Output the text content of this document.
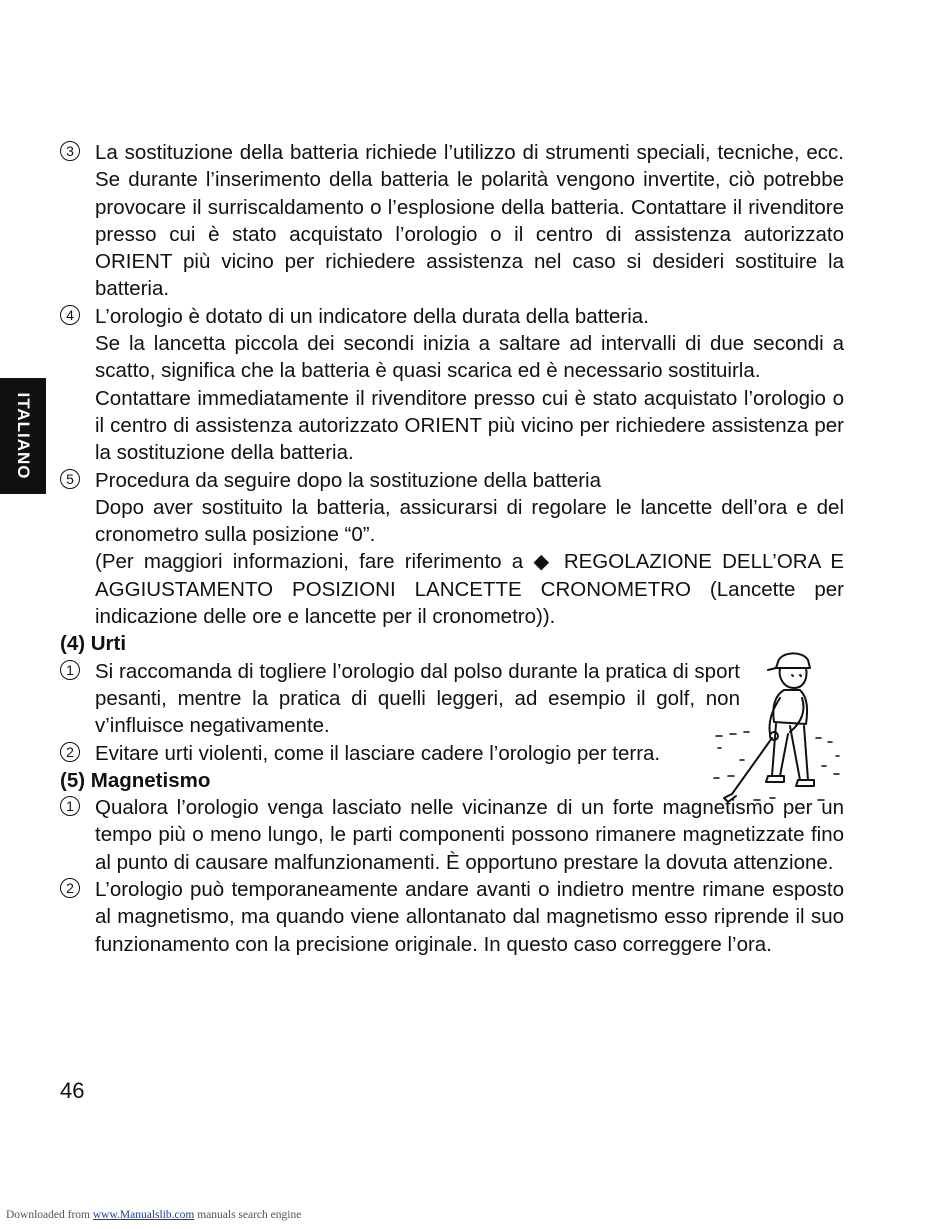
ITALIANO
3 La sostituzione della batteria richiede l’utilizzo di strumenti speciali, tecniche, ecc. Se durante l’inserimento della batteria le polarità vengono invertite, ciò potrebbe provocare il surriscaldamento o l’esplosione della batteria. Contattare il rivenditore presso cui è stato acquistato l’orologio o il centro di assistenza autorizzato ORIENT più vicino per richiedere assistenza nel caso si desideri sostituire la batteria.

4 L’orologio è dotato di un indicatore della durata della batteria.

Se la lancetta piccola dei secondi inizia a saltare ad intervalli di due secondi a scatto, significa che la batteria è quasi scarica ed è necessario sostituirla.

Contattare immediatamente il rivenditore presso cui è stato acquistato l’orologio o il centro di assistenza autorizzato ORIENT più vicino per richiedere assistenza per la sostituzione della batteria.

5 Procedura da seguire dopo la sostituzione della batteria

Dopo aver sostituito la batteria, assicurarsi di regolare le lancette dell’ora e del cronometro sulla posizione “0”.

(Per maggiori informazioni, fare riferimento a ◆ REGOLAZIONE DELL’ORA E AGGIUSTAMENTO POSIZIONI LANCETTE CRONOMETRO (Lancette per indicazione delle ore e lancette per il cronometro)).

(4) Urti

1 Si raccomanda di togliere l’orologio dal polso durante la pratica di sport pesanti, mentre la pratica di quelli leggeri, ad esempio il golf, non v’influisce negativamente.

2 Evitare urti violenti, come il lasciare cadere l’orologio per terra.

(5) Magnetismo

1 Qualora l’orologio venga lasciato nelle vicinanze di un forte magnetismo per un tempo più o meno lungo, le parti componenti possono rimanere magnetizzate fino al punto di causare malfunzionamenti. È opportuno prestare la dovuta attenzione.

2 L’orologio può temporaneamente andare avanti o indietro mentre rimane esposto al magnetismo, ma quando viene allontanato dal magnetismo esso riprende il suo funzionamento con la precisione originale. In questo caso correggere l’ora.

46
Downloaded from www.Manualslib.com manuals search engine
